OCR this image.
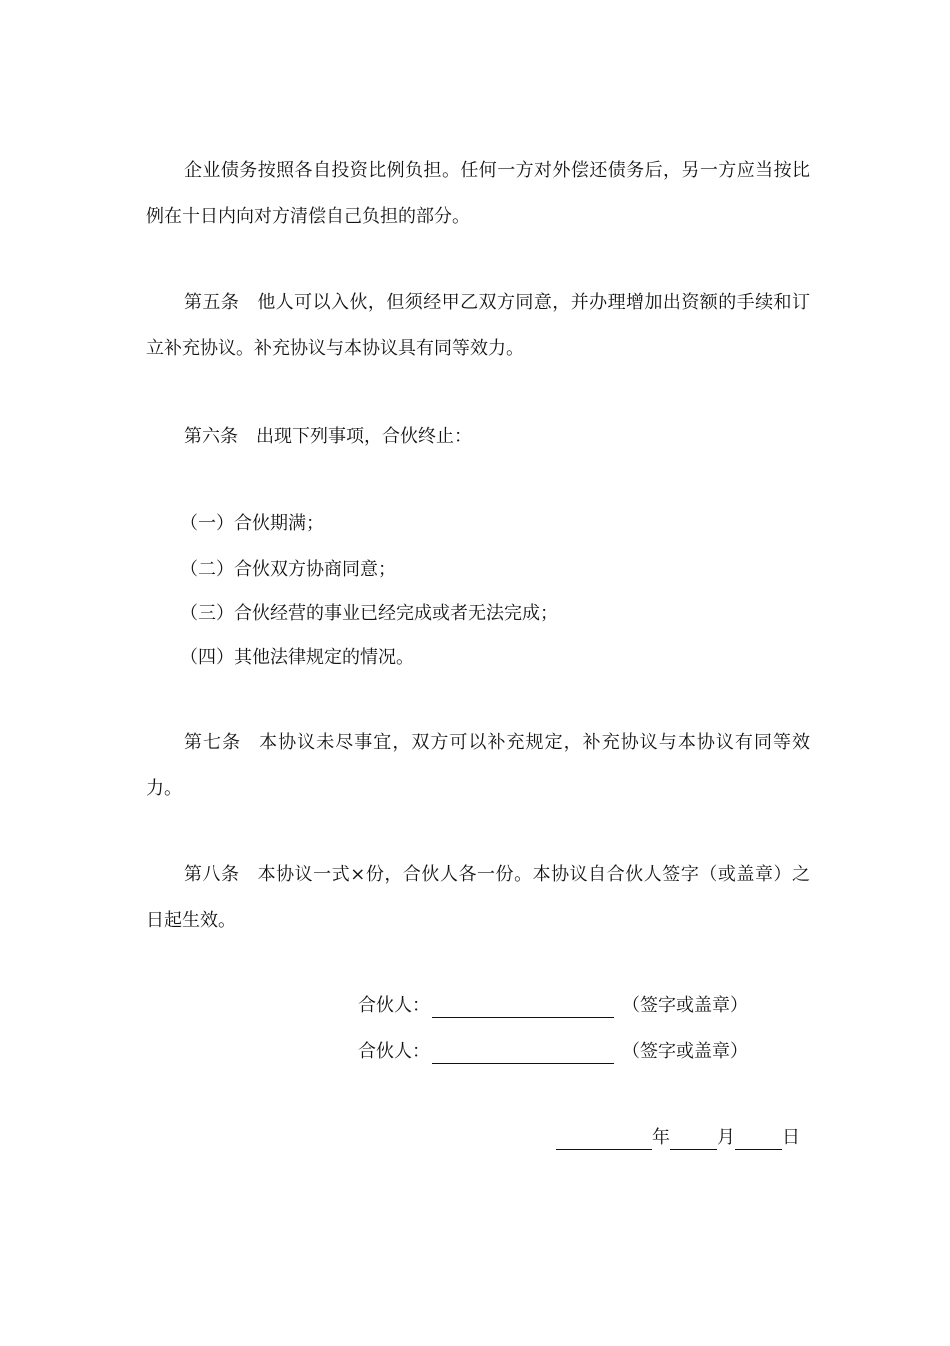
企业债务按照各自投资比例负担。任何一方对外偿还债务后，另一方应当按比例在十日内向对方清偿自己负担的部分。

第五条 他人可以入伙，但须经甲乙双方同意，并办理增加出资额的手续和订立补充协议。补充协议与本协议具有同等效力。

第六条 出现下列事项，合伙终止：

（一）合伙期满；

（二）合伙双方协商同意；

（三）合伙经营的事业已经完成或者无法完成；

（四）其他法律规定的情况。

第七条 本协议未尽事宜，双方可以补充规定，补充协议与本协议有同等效力。

第八条 本协议一式×份，合伙人各一份。本协议自合伙人签字（或盖章）之日起生效。

合伙人：	（签字或盖章）
合伙人：	（签字或盖章）
年	月	日
